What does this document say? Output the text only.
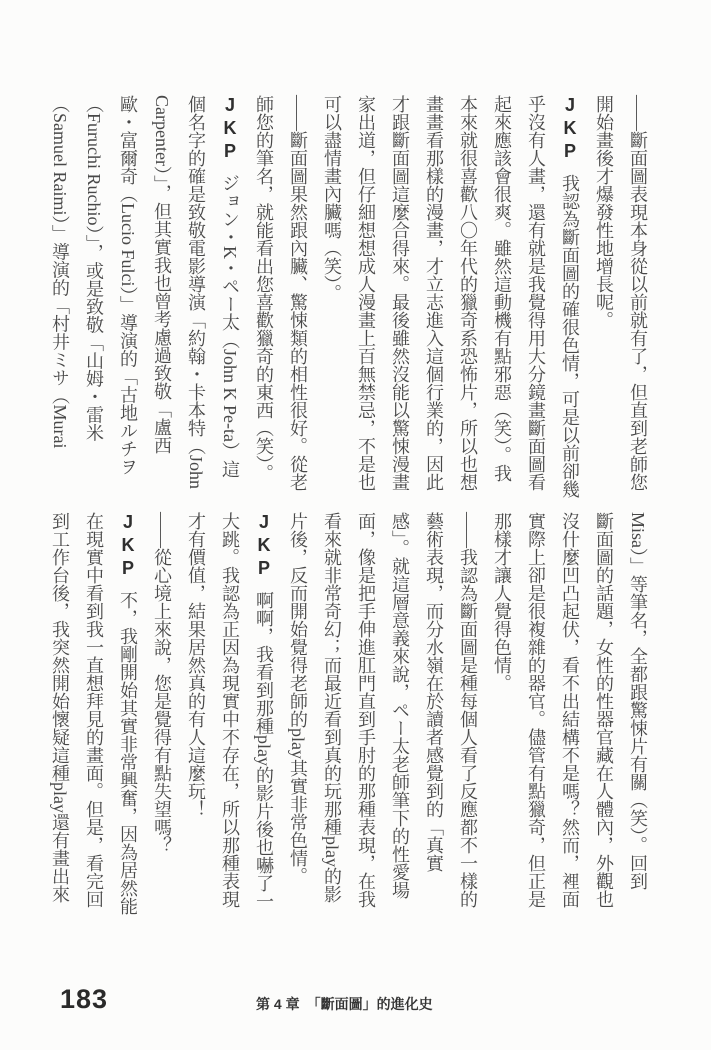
——斷面圖表現本身從以前就有了，但直到老師您

開始畫後才爆發性地增長呢。

JKP我認為斷面圖的確很色情，可是以前卻幾

乎沒有人畫，還有就是我覺得用大分鏡畫斷面圖看

起來應該會很爽。雖然這動機有點邪惡（笑）。我

本來就很喜歡八〇年代的獵奇系恐怖片，所以也想

畫畫看那樣的漫畫，才立志進入這個行業的，因此

才跟斷面圖這麼合得來。最後雖然沒能以驚悚漫畫

家出道，但仔細想想成人漫畫上百無禁忌，不是也

可以盡情畫內臟嗎（笑）。

——斷面圖果然跟內臟、驚悚類的相性很好。從老

師您的筆名，就能看出您喜歡獵奇的東西（笑）。

JKPジョン・K・ペー太（John K Pe-ta）這

個名字的確是致敬電影導演「約翰・卡本特（John

Carpenter）」，但其實我也曾考慮過致敬「盧西

歐・富爾奇（Lucio Fulci）」導演的「古地ルチヲ

（Furuchi Ruchio）」，或是致敬「山姆・雷米

（Samuel Raimi）」導演的「村井ミサ（Murai

Misa）」等筆名，全都跟驚悚片有關（笑）。回到

斷面圖的話題，女性的性器官藏在人體內，外觀也

沒什麼凹凸起伏，看不出結構不是嗎？然而，裡面

實際上卻是很複雜的器官。儘管有點獵奇，但正是

那樣才讓人覺得色情。

——我認為斷面圖是種每個人看了反應都不一樣的

藝術表現，而分水嶺在於讀者感覺到的「真實

感」。就這層意義來說，ペー太老師筆下的性愛場

面，像是把手伸進肛門直到手肘的那種表現，在我

看來就非常奇幻；而最近看到真的玩那種play的影

片後，反而開始覺得老師的play其實非常色情。

JKP啊啊，我看到那種play的影片後也嚇了一

大跳。我認為正因為現實中不存在，所以那種表現

才有價值，結果居然真的有人這麼玩！

——從心境上來說，您是覺得有點失望嗎？

JKP不，我剛開始其實非常興奮，因為居然能

在現實中看到我一直想拜見的畫面。但是，看完回

到工作台後，我突然開始懷疑這種play還有畫出來

183	第 4 章　「斷面圖」的進化史
